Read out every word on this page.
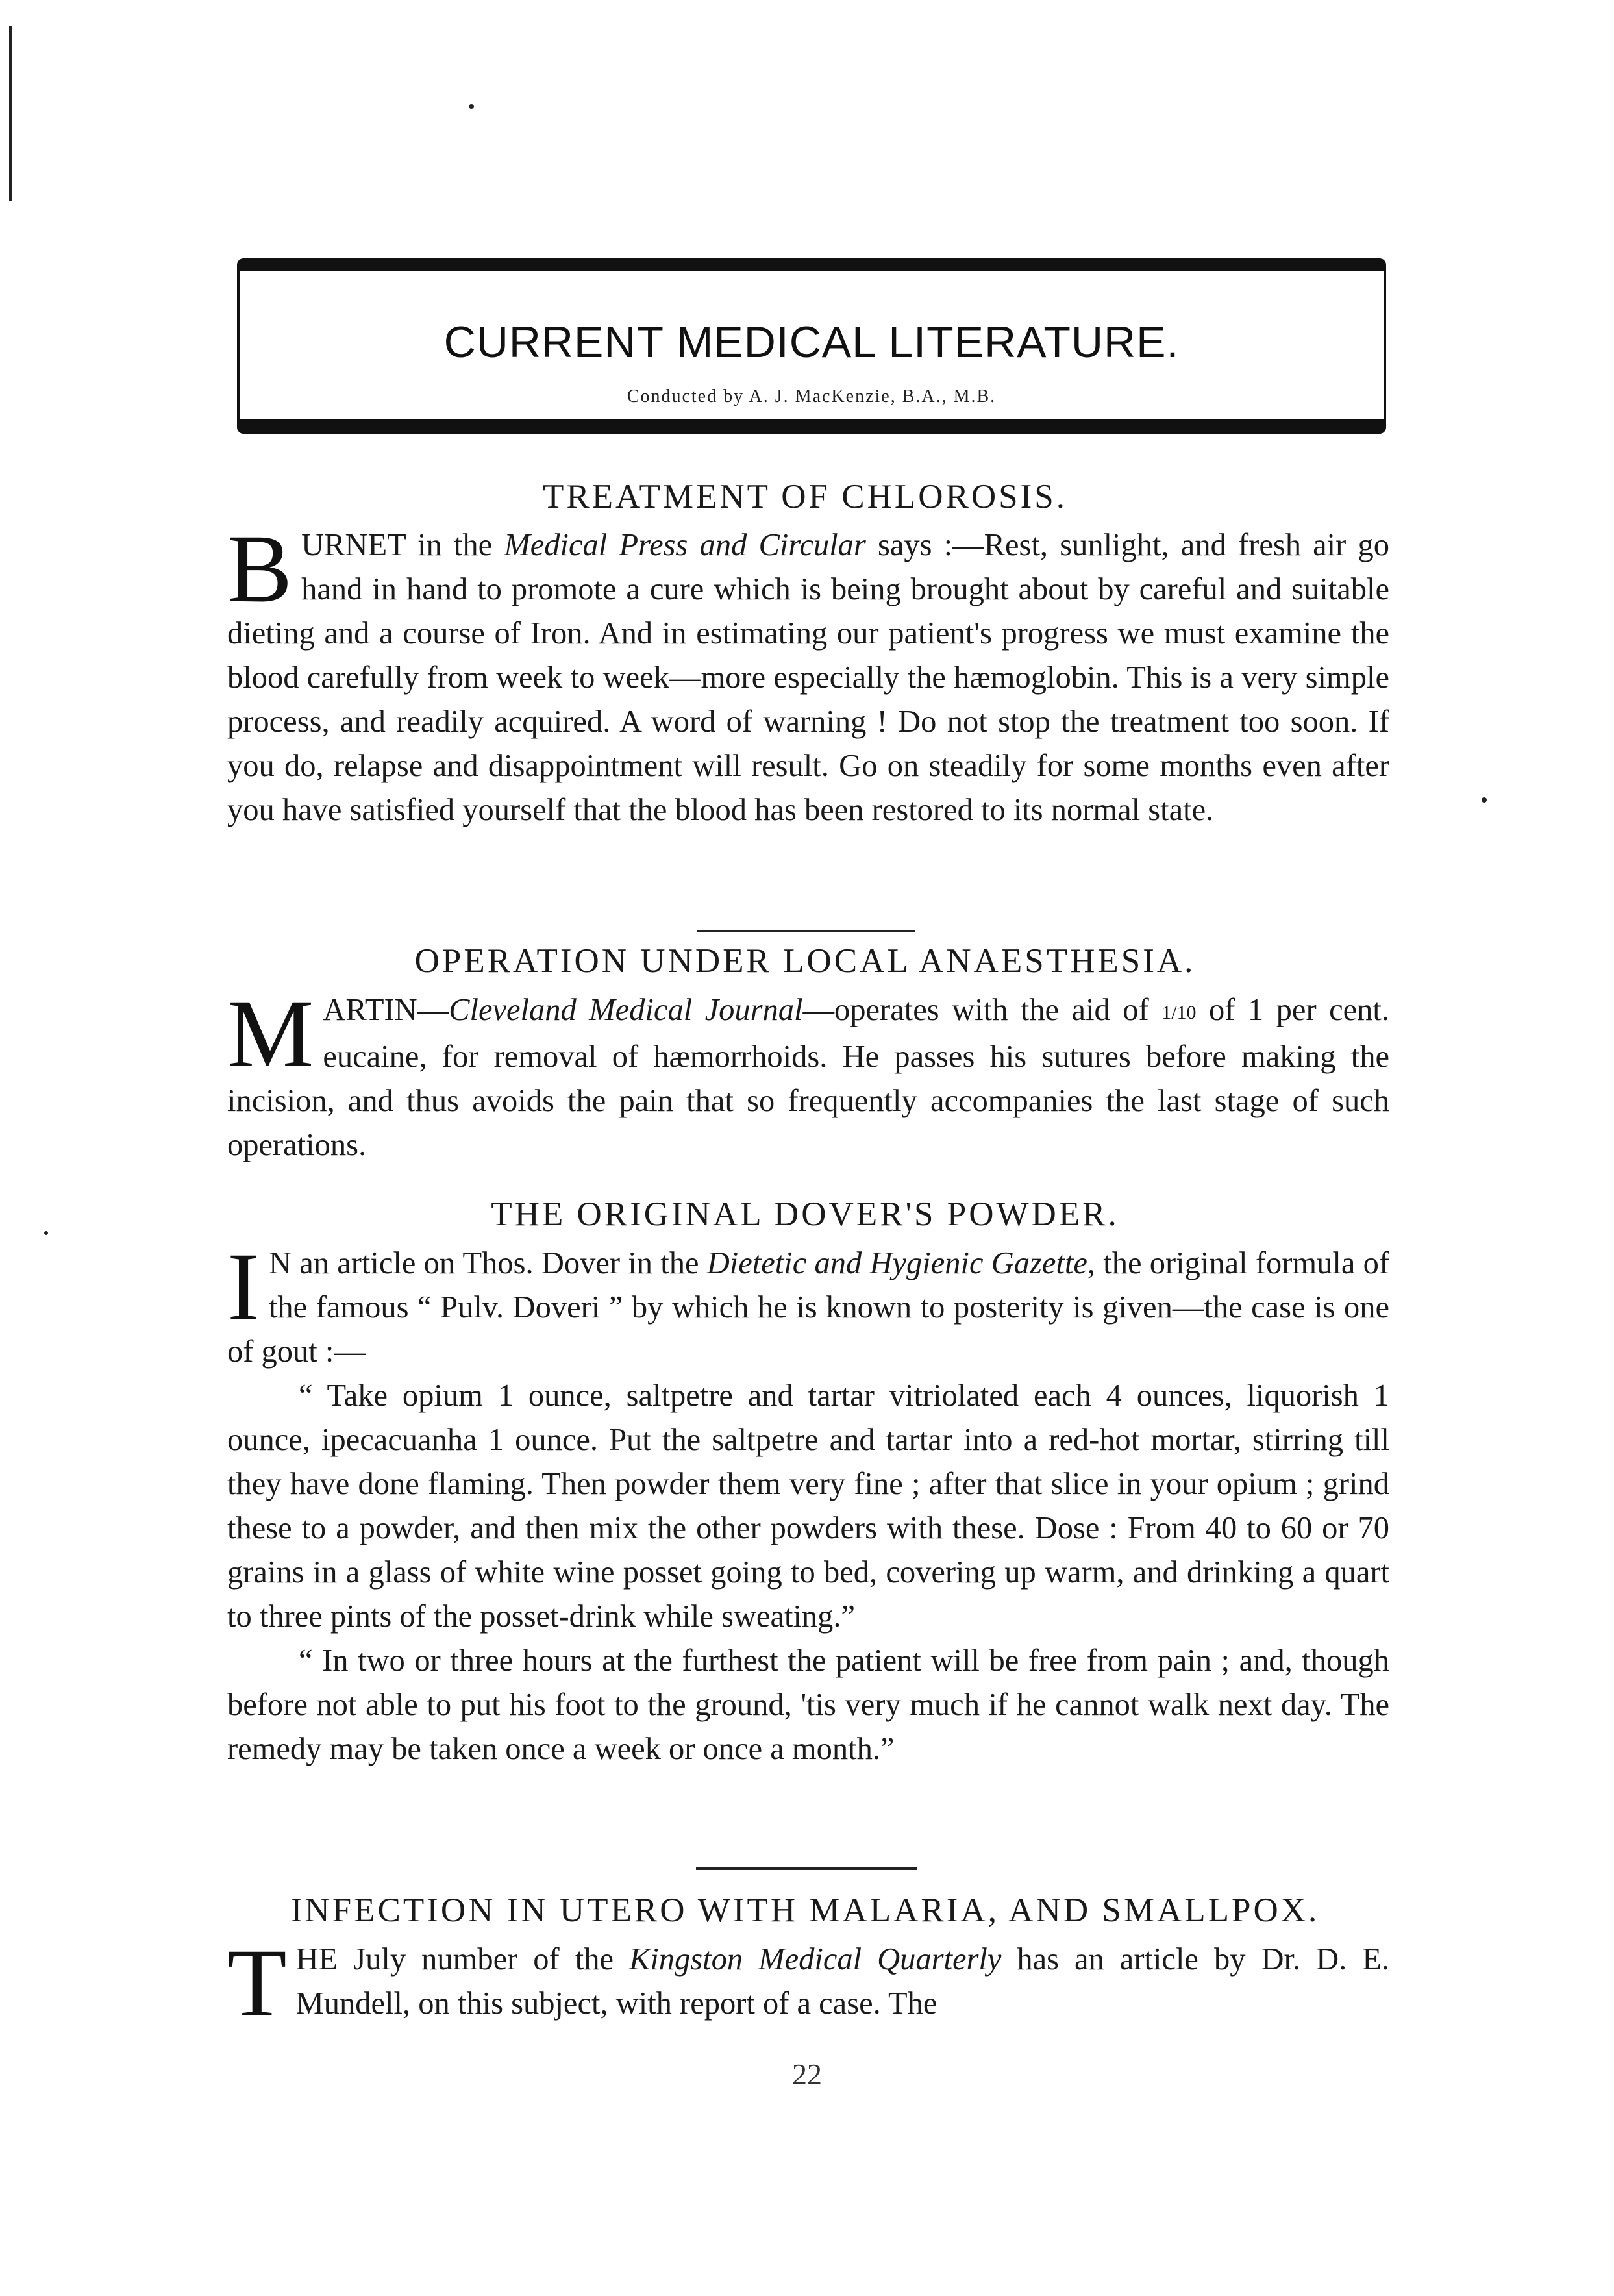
CURRENT MEDICAL LITERATURE.
Conducted by A. J. MacKenzie, B.A., M.B.
TREATMENT OF CHLOROSIS.

BURNET in the Medical Press and Circular says :—Rest, sunlight, and fresh air go hand in hand to promote a cure which is being brought about by careful and suitable dieting and a course of Iron. And in estimating our patient's progress we must examine the blood carefully from week to week—more especially the hæmoglobin. This is a very simple process, and readily acquired. A word of warning ! Do not stop the treatment too soon. If you do, relapse and disappointment will result. Go on steadily for some months even after you have satisfied yourself that the blood has been restored to its normal state.

OPERATION UNDER LOCAL ANAESTHESIA.

MARTIN—Cleveland Medical Journal—operates with the aid of 1/10 of 1 per cent. eucaine, for removal of hæmorrhoids. He passes his sutures before making the incision, and thus avoids the pain that so frequently accompanies the last stage of such operations.

THE ORIGINAL DOVER'S POWDER.

I N an article on Thos. Dover in the Dietetic and Hygienic Gazette, the original formula of the famous “ Pulv. Doveri ” by which he is known to posterity is given—the case is one of gout :—

“ Take opium 1 ounce, saltpetre and tartar vitriolated each 4 ounces, liquorish 1 ounce, ipecacuanha 1 ounce. Put the saltpetre and tartar into a red-hot mortar, stirring till they have done flaming. Then powder them very fine ; after that slice in your opium ; grind these to a powder, and then mix the other powders with these. Dose : From 40 to 60 or 70 grains in a glass of white wine posset going to bed, covering up warm, and drinking a quart to three pints of the posset-drink while sweating.”

“ In two or three hours at the furthest the patient will be free from pain ; and, though before not able to put his foot to the ground, 'tis very much if he cannot walk next day. The remedy may be taken once a week or once a month.”

INFECTION IN UTERO WITH MALARIA, AND SMALLPOX.

THE July number of the Kingston Medical Quarterly has an article by Dr. D. E. Mundell, on this subject, with report of a case. The

22
